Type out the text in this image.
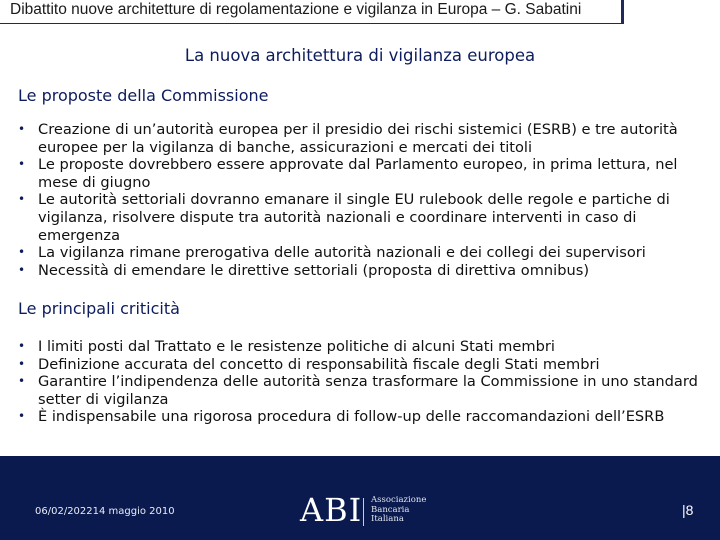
Dibattito nuove architetture di regolamentazione e vigilanza in Europa – G. Sabatini
La nuova architettura di vigilanza europea
Le proposte della Commissione
• Creazione di un’autorità europea per il presidio dei rischi sistemici (ESRB) e tre autorità europee per la vigilanza di banche, assicurazioni e mercati dei titoli
• Le proposte dovrebbero essere approvate dal Parlamento europeo, in prima lettura, nel mese di giugno
• Le autorità settoriali dovranno emanare il single EU rulebook delle regole e partiche di vigilanza, risolvere dispute tra autorità nazionali e coordinare interventi in caso di emergenza
• La vigilanza rimane prerogativa delle autorità nazionali e dei collegi dei supervisori
• Necessità di emendare le direttive settoriali (proposta di direttiva omnibus)
Le principali criticità
• I limiti posti dal Trattato e le resistenze politiche di alcuni Stati membri
• Definizione accurata del concetto di responsabilità fiscale degli Stati membri
• Garantire l’indipendenza delle autorità senza trasformare la Commissione in uno standard setter di vigilanza
• È indispensabile una rigorosa procedura di follow-up delle raccomandazioni dell’ESRB
06/02/202214 maggio 2010	ABI Associazione
Bancaria
Italiana
|8
